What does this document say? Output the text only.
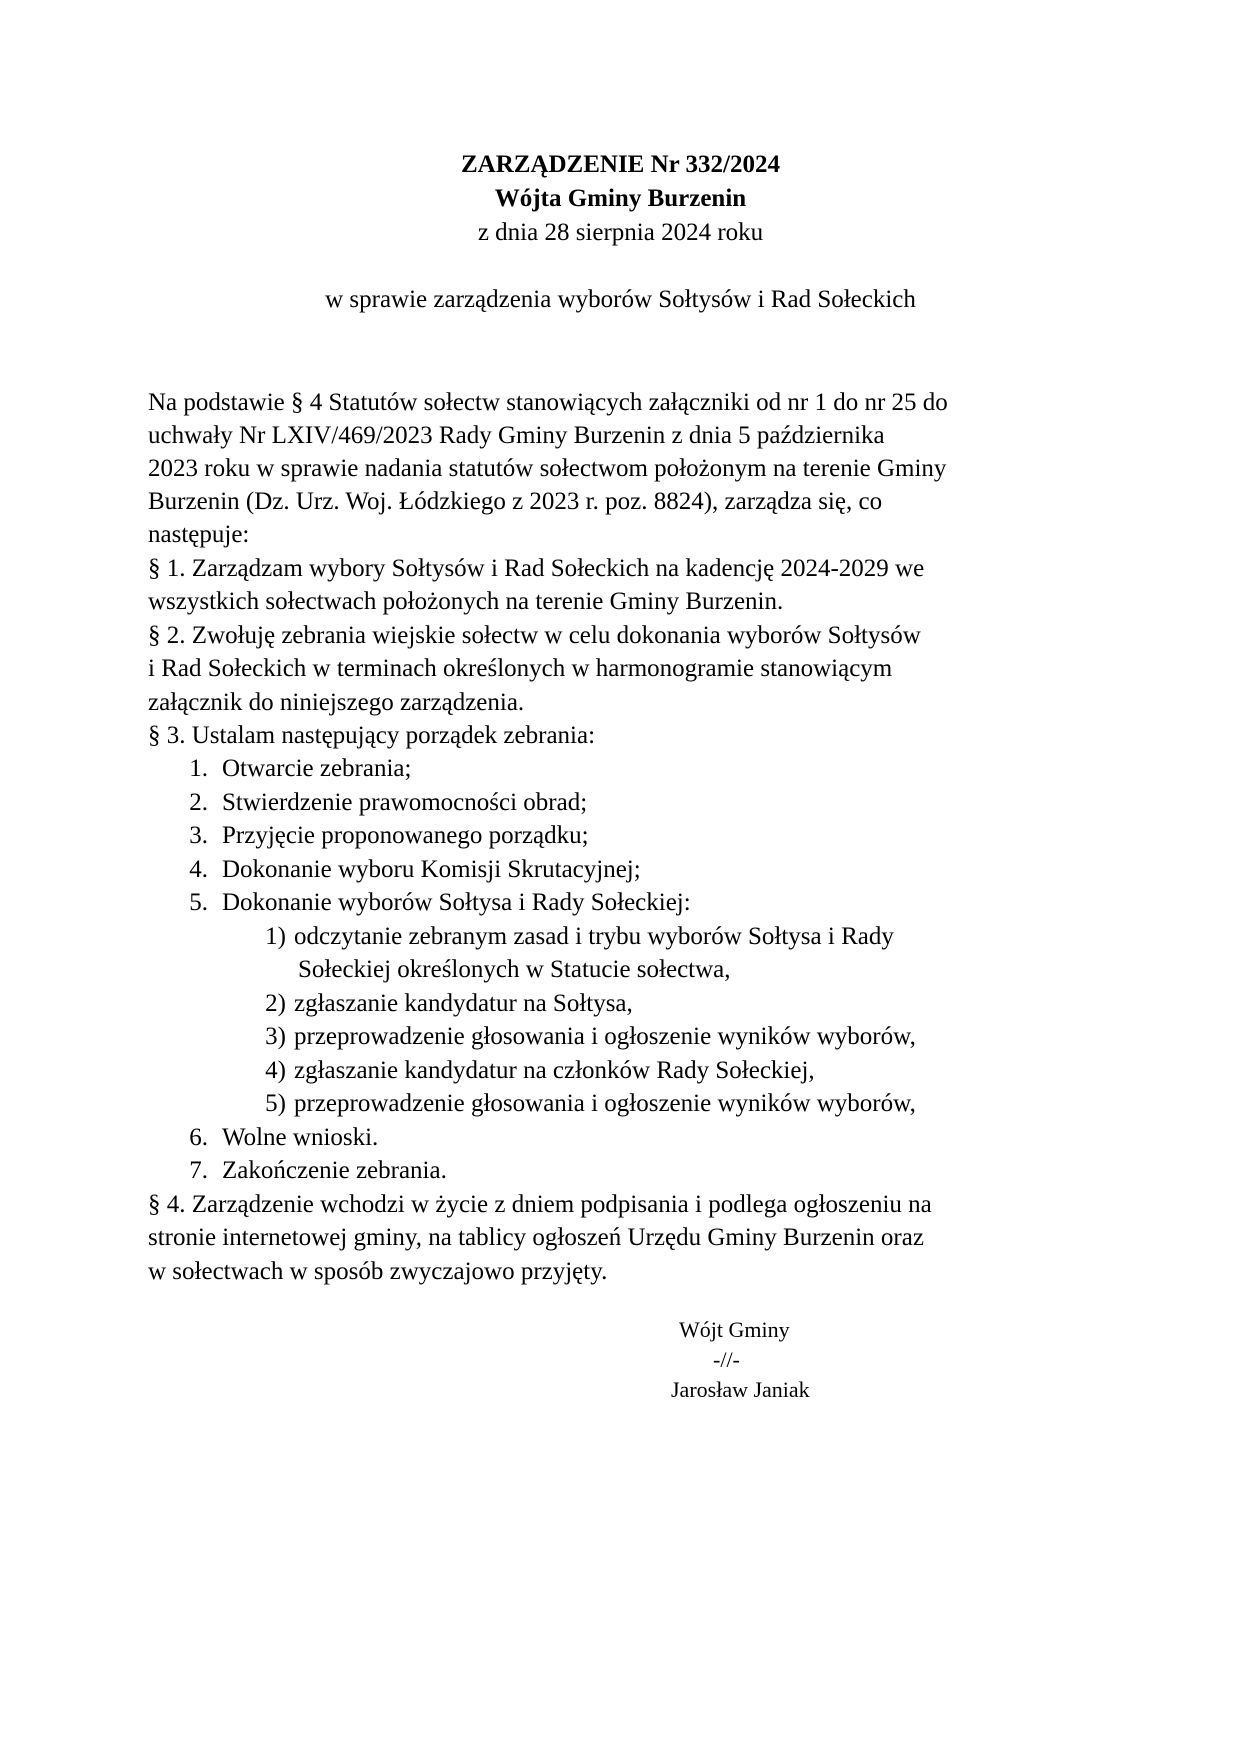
ZARZĄDZENIE Nr 332/2024
Wójta Gminy Burzenin
z dnia 28 sierpnia 2024 roku
w sprawie zarządzenia wyborów Sołtysów i Rad Sołeckich
Na podstawie § 4 Statutów sołectw stanowiących załączniki od nr 1 do nr 25 do
uchwały Nr LXIV/469/2023 Rady Gminy Burzenin z dnia 5 października
2023 roku w sprawie nadania statutów sołectwom położonym na terenie Gminy
Burzenin (Dz. Urz. Woj. Łódzkiego z 2023 r. poz. 8824), zarządza się, co
następuje:
§ 1. Zarządzam wybory Sołtysów i Rad Sołeckich na kadencję 2024-2029 we
wszystkich sołectwach położonych na terenie Gminy Burzenin.
§ 2. Zwołuję zebrania wiejskie sołectw w celu dokonania wyborów Sołtysów
i Rad Sołeckich w terminach określonych w harmonogramie stanowiącym
załącznik do niniejszego zarządzenia.
§ 3. Ustalam następujący porządek zebrania:
1. Otwarcie zebrania;
2. Stwierdzenie prawomocności obrad;
3. Przyjęcie proponowanego porządku;
4. Dokonanie wyboru Komisji Skrutacyjnej;
5. Dokonanie wyborów Sołtysa i Rady Sołeckiej:
1) odczytanie zebranym zasad i trybu wyborów Sołtysa i Rady
Sołeckiej określonych w Statucie sołectwa,
2) zgłaszanie kandydatur na Sołtysa,
3) przeprowadzenie głosowania i ogłoszenie wyników wyborów,
4) zgłaszanie kandydatur na członków Rady Sołeckiej,
5) przeprowadzenie głosowania i ogłoszenie wyników wyborów,
6. Wolne wnioski.
7. Zakończenie zebrania.
§ 4. Zarządzenie wchodzi w życie z dniem podpisania i podlega ogłoszeniu na
stronie internetowej gminy, na tablicy ogłoszeń Urzędu Gminy Burzenin oraz
w sołectwach w sposób zwyczajowo przyjęty.
Wójt Gminy
-//-
Jarosław Janiak
